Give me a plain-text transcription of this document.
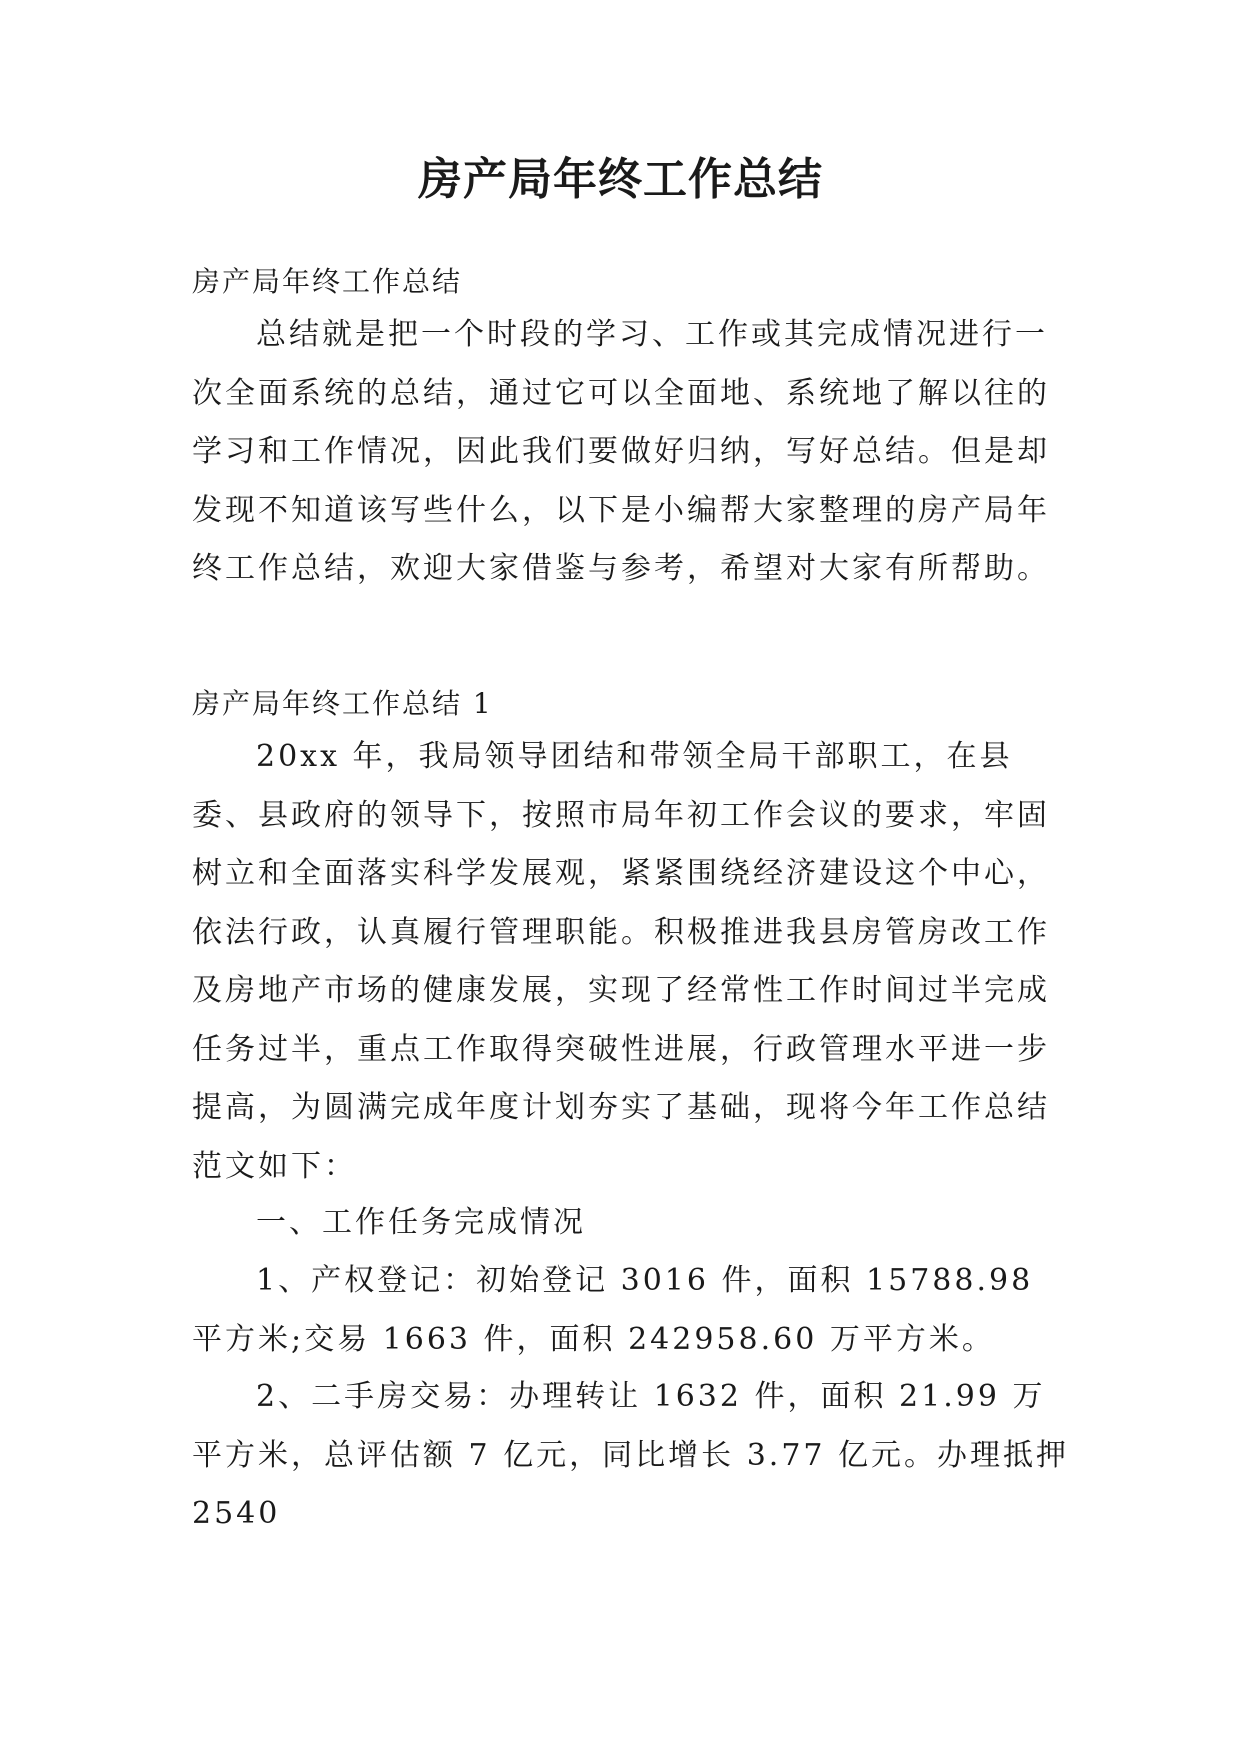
房产局年终工作总结

房产局年终工作总结

总结就是把一个时段的学习、工作或其完成情况进行一次全面系统的总结，通过它可以全面地、系统地了解以往的学习和工作情况，因此我们要做好归纳，写好总结。但是却发现不知道该写些什么，以下是小编帮大家整理的房产局年终工作总结，欢迎大家借鉴与参考，希望对大家有所帮助。

房产局年终工作总结 1

20xx 年，我局领导团结和带领全局干部职工，在县委、县政府的领导下，按照市局年初工作会议的要求，牢固树立和全面落实科学发展观，紧紧围绕经济建设这个中心，依法行政，认真履行管理职能。积极推进我县房管房改工作及房地产市场的健康发展，实现了经常性工作时间过半完成任务过半，重点工作取得突破性进展，行政管理水平进一步提高，为圆满完成年度计划夯实了基础，现将今年工作总结范文如下：

一、工作任务完成情况

1、产权登记：初始登记 3016 件，面积 15788.98 平方米;交易 1663 件，面积 242958.60 万平方米。

2、二手房交易：办理转让 1632 件，面积 21.99 万平方米，总评估额 7 亿元，同比增长 3.77 亿元。办理抵押 2540
